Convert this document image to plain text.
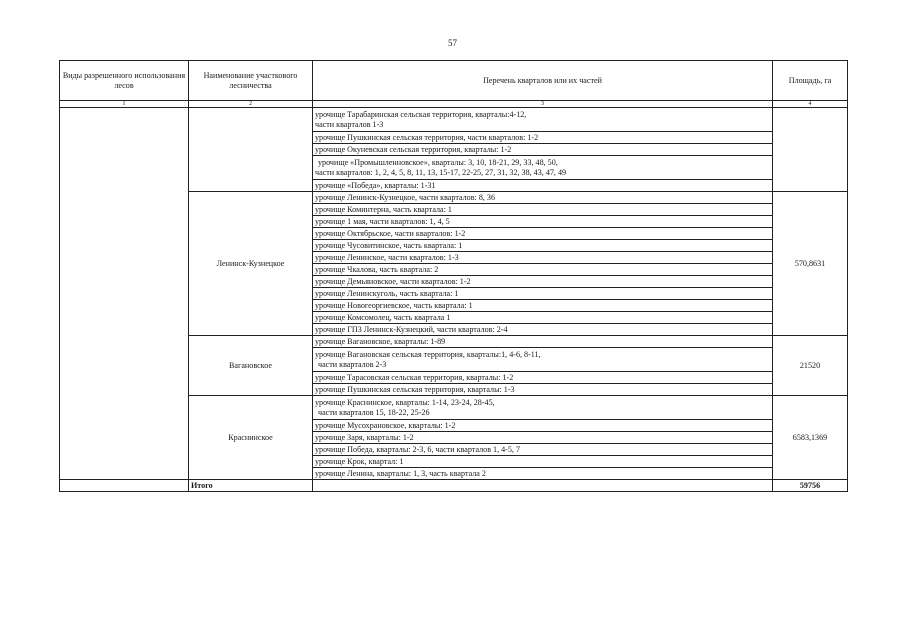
57
Виды разрешенного использования лесов	Наименование участкового лесничества	Перечень кварталов или их частей	Площадь, га
1	2	3	4

		урочище Тарабаринская сельская территория, кварталы:4-12,
части кварталов 1-3	

		урочище Пушкинская сельская территория, части кварталов: 1-2	

		урочище Окуневская сельская территория, кварталы: 1-2	

		урочище «Промышленновское», кварталы: 3, 10, 18-21, 29, 33, 48, 50,
части кварталов: 1, 2, 4, 5, 8, 11, 13, 15-17, 22-25, 27, 31, 32, 38, 43, 47, 49	

		урочище «Победа», кварталы: 1-31	

	Ленинск-Кузнецкое	урочище Ленинск-Кузнецкое, части кварталов: 8, 36	570,8631

		урочище Коминтерна, часть квартала: 1	

		урочище 1 мая, части кварталов: 1, 4, 5	

		урочище Октябрьское, части кварталов: 1-2	

		урочище Чусовитинское, часть квартала: 1	

		урочище Ленинское, части кварталов: 1-3	

		урочище Чкалова, часть квартала: 2	

		урочище Демьяновское, части кварталов: 1-2	

		урочище Ленинскуголь, часть квартала: 1	

		урочище Новогеоргиевское, часть квартала: 1	

		урочище Комсомолец, часть квартала 1	

		урочище ГПЗ Ленинск-Кузнецкий, части кварталов: 2-4	

	Вагановское	урочище Вагановское, кварталы: 1-89	21520

		урочище Вагановская сельская территория, кварталы:1, 4-6, 8-11,
части кварталов 2-3	

		урочище Тарасовская сельская территория, кварталы: 1-2	

		урочище Пушкинская сельская территория, кварталы: 1-3	

	Краснинское	урочище Краснинское, кварталы: 1-14, 23-24, 28-45,
части кварталов 15, 18-22, 25-26	6583,1369

		урочище Мусохрановское, кварталы: 1-2	

		урочище Заря, кварталы: 1-2	

		урочище Победа, кварталы: 2-3, 6, части кварталов 1, 4-5, 7	

		урочище Крок, квартал: 1	

		урочище Ленина, кварталы: 1, 3, часть квартала 2	

	Итого		59756
